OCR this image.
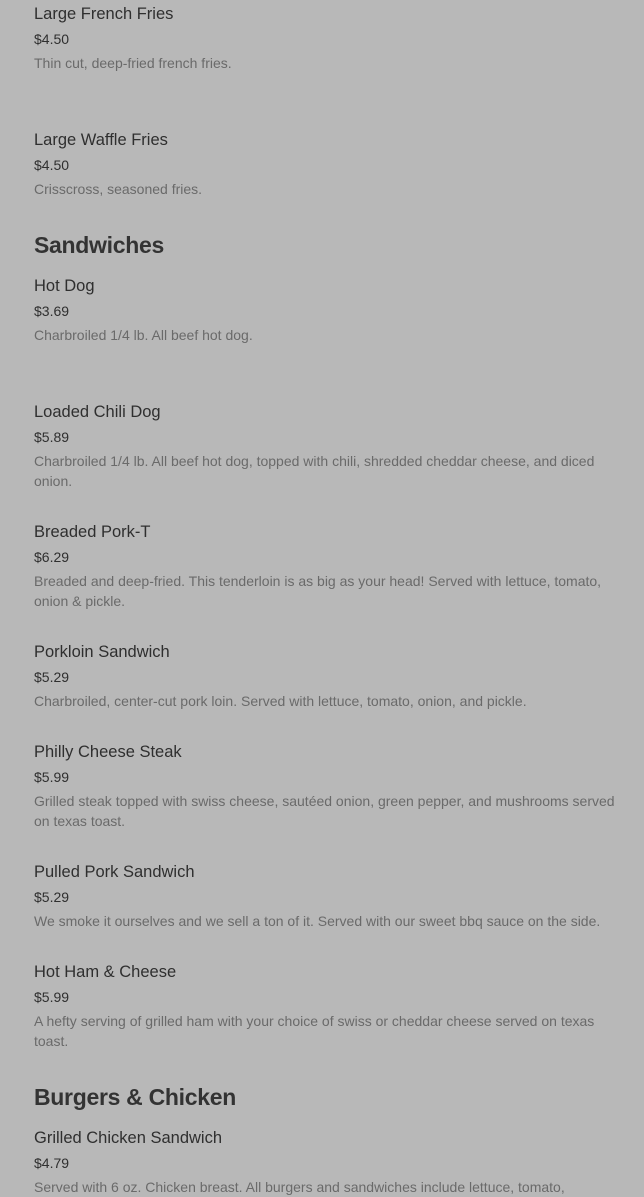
Large French Fries
$4.50
Thin cut, deep-fried french fries.
Large Waffle Fries
$4.50
Crisscross, seasoned fries.
Sandwiches
Hot Dog
$3.69
Charbroiled 1/4 lb. All beef hot dog.
Loaded Chili Dog
$5.89
Charbroiled 1/4 lb. All beef hot dog, topped with chili, shredded cheddar cheese, and diced onion.
Breaded Pork-T
$6.29
Breaded and deep-fried. This tenderloin is as big as your head! Served with lettuce, tomato, onion & pickle.
Porkloin Sandwich
$5.29
Charbroiled, center-cut pork loin. Served with lettuce, tomato, onion, and pickle.
Philly Cheese Steak
$5.99
Grilled steak topped with swiss cheese, sautéed onion, green pepper, and mushrooms served on texas toast.
Pulled Pork Sandwich
$5.29
We smoke it ourselves and we sell a ton of it. Served with our sweet bbq sauce on the side.
Hot Ham & Cheese
$5.99
A hefty serving of grilled ham with your choice of swiss or cheddar cheese served on texas toast.
Burgers & Chicken
Grilled Chicken Sandwich
$4.79
Served with 6 oz. Chicken breast. All burgers and sandwiches include lettuce, tomato,
